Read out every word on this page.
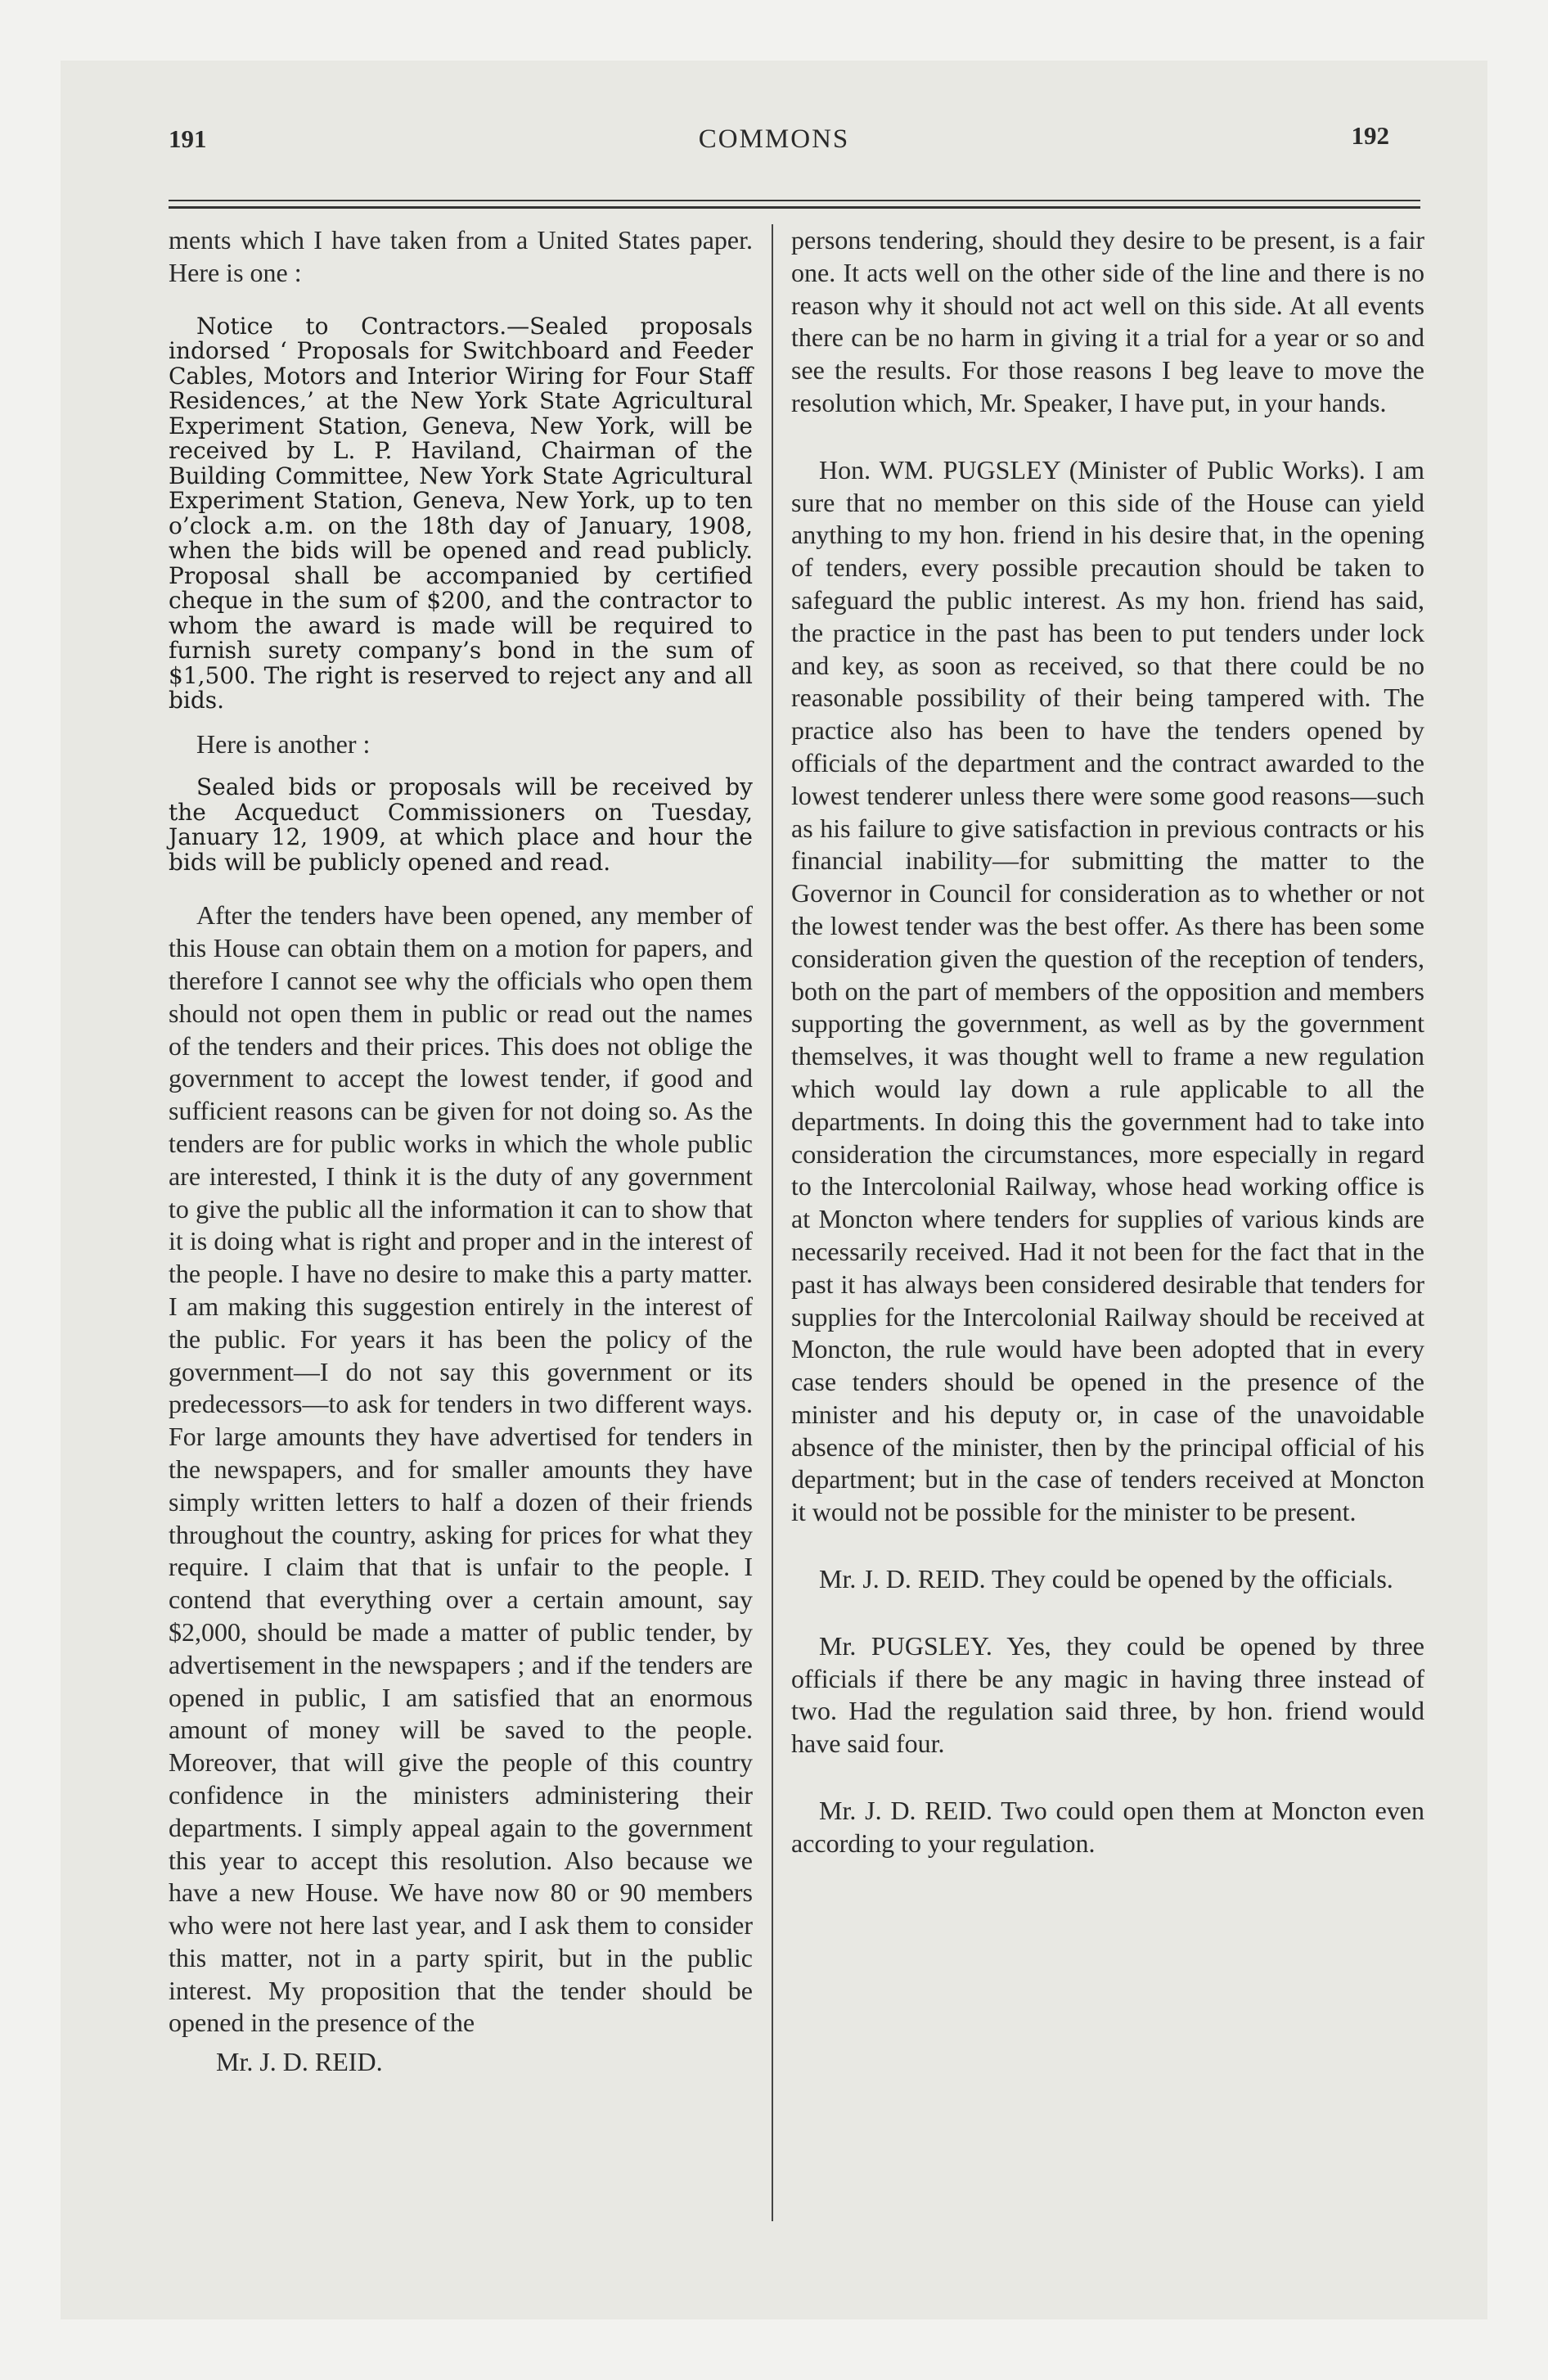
191	COMMONS	192

ments which I have taken from a United States paper. Here is one :

Notice to Contractors.—Sealed proposals indorsed ‘ Proposals for Switchboard and Feeder Cables, Motors and Interior Wiring for Four Staff Residences,’ at the New York State Agricultural Experiment Station, Geneva, New York, will be received by L. P. Haviland, Chairman of the Building Committee, New York State Agricultural Experiment Station, Geneva, New York, up to ten o’clock a.m. on the 18th day of January, 1908, when the bids will be opened and read publicly. Proposal shall be accompanied by certified cheque in the sum of $200, and the contractor to whom the award is made will be required to furnish surety company’s bond in the sum of $1,500. The right is reserved to reject any and all bids.

Here is another :

Sealed bids or proposals will be received by the Acqueduct Commissioners on Tuesday, January 12, 1909, at which place and hour the bids will be publicly opened and read.

After the tenders have been opened, any member of this House can obtain them on a motion for papers, and therefore I cannot see why the officials who open them should not open them in public or read out the names of the tenders and their prices. This does not oblige the government to accept the lowest tender, if good and sufficient reasons can be given for not doing so. As the tenders are for public works in which the whole public are interested, I think it is the duty of any government to give the public all the information it can to show that it is doing what is right and proper and in the interest of the people. I have no desire to make this a party matter. I am making this suggestion entirely in the interest of the public. For years it has been the policy of the government—I do not say this government or its predecessors—to ask for tenders in two different ways. For large amounts they have advertised for tenders in the newspapers, and for smaller amounts they have simply written letters to half a dozen of their friends throughout the country, asking for prices for what they require. I claim that that is unfair to the people. I contend that everything over a certain amount, say $2,000, should be made a matter of public tender, by advertisement in the newspapers ; and if the tenders are opened in public, I am satisfied that an enormous amount of money will be saved to the people. Moreover, that will give the people of this country confidence in the ministers administering their departments. I simply appeal again to the government this year to accept this resolution. Also because we have a new House. We have now 80 or 90 members who were not here last year, and I ask them to consider this matter, not in a party spirit, but in the public interest. My proposition that the tender should be opened in the presence of the

Mr. J. D. REID.

persons tendering, should they desire to be present, is a fair one. It acts well on the other side of the line and there is no reason why it should not act well on this side. At all events there can be no harm in giving it a trial for a year or so and see the results. For those reasons I beg leave to move the resolution which, Mr. Speaker, I have put, in your hands.

Hon. WM. PUGSLEY (Minister of Public Works). I am sure that no member on this side of the House can yield anything to my hon. friend in his desire that, in the opening of tenders, every possible precaution should be taken to safeguard the public interest. As my hon. friend has said, the practice in the past has been to put tenders under lock and key, as soon as received, so that there could be no reasonable possibility of their being tampered with. The practice also has been to have the tenders opened by officials of the department and the contract awarded to the lowest tenderer unless there were some good reasons—such as his failure to give satisfaction in previous contracts or his financial inability—for submitting the matter to the Governor in Council for consideration as to whether or not the lowest tender was the best offer. As there has been some consideration given the question of the reception of tenders, both on the part of members of the opposition and members supporting the government, as well as by the government themselves, it was thought well to frame a new regulation which would lay down a rule applicable to all the departments. In doing this the government had to take into consideration the circumstances, more especially in regard to the Intercolonial Railway, whose head working office is at Moncton where tenders for supplies of various kinds are necessarily received. Had it not been for the fact that in the past it has always been considered desirable that tenders for supplies for the Intercolonial Railway should be received at Moncton, the rule would have been adopted that in every case tenders should be opened in the presence of the minister and his deputy or, in case of the unavoidable absence of the minister, then by the principal official of his department; but in the case of tenders received at Moncton it would not be possible for the minister to be present.

Mr. J. D. REID. They could be opened by the officials.

Mr. PUGSLEY. Yes, they could be opened by three officials if there be any magic in having three instead of two. Had the regulation said three, by hon. friend would have said four.

Mr. J. D. REID. Two could open them at Moncton even according to your regulation.
